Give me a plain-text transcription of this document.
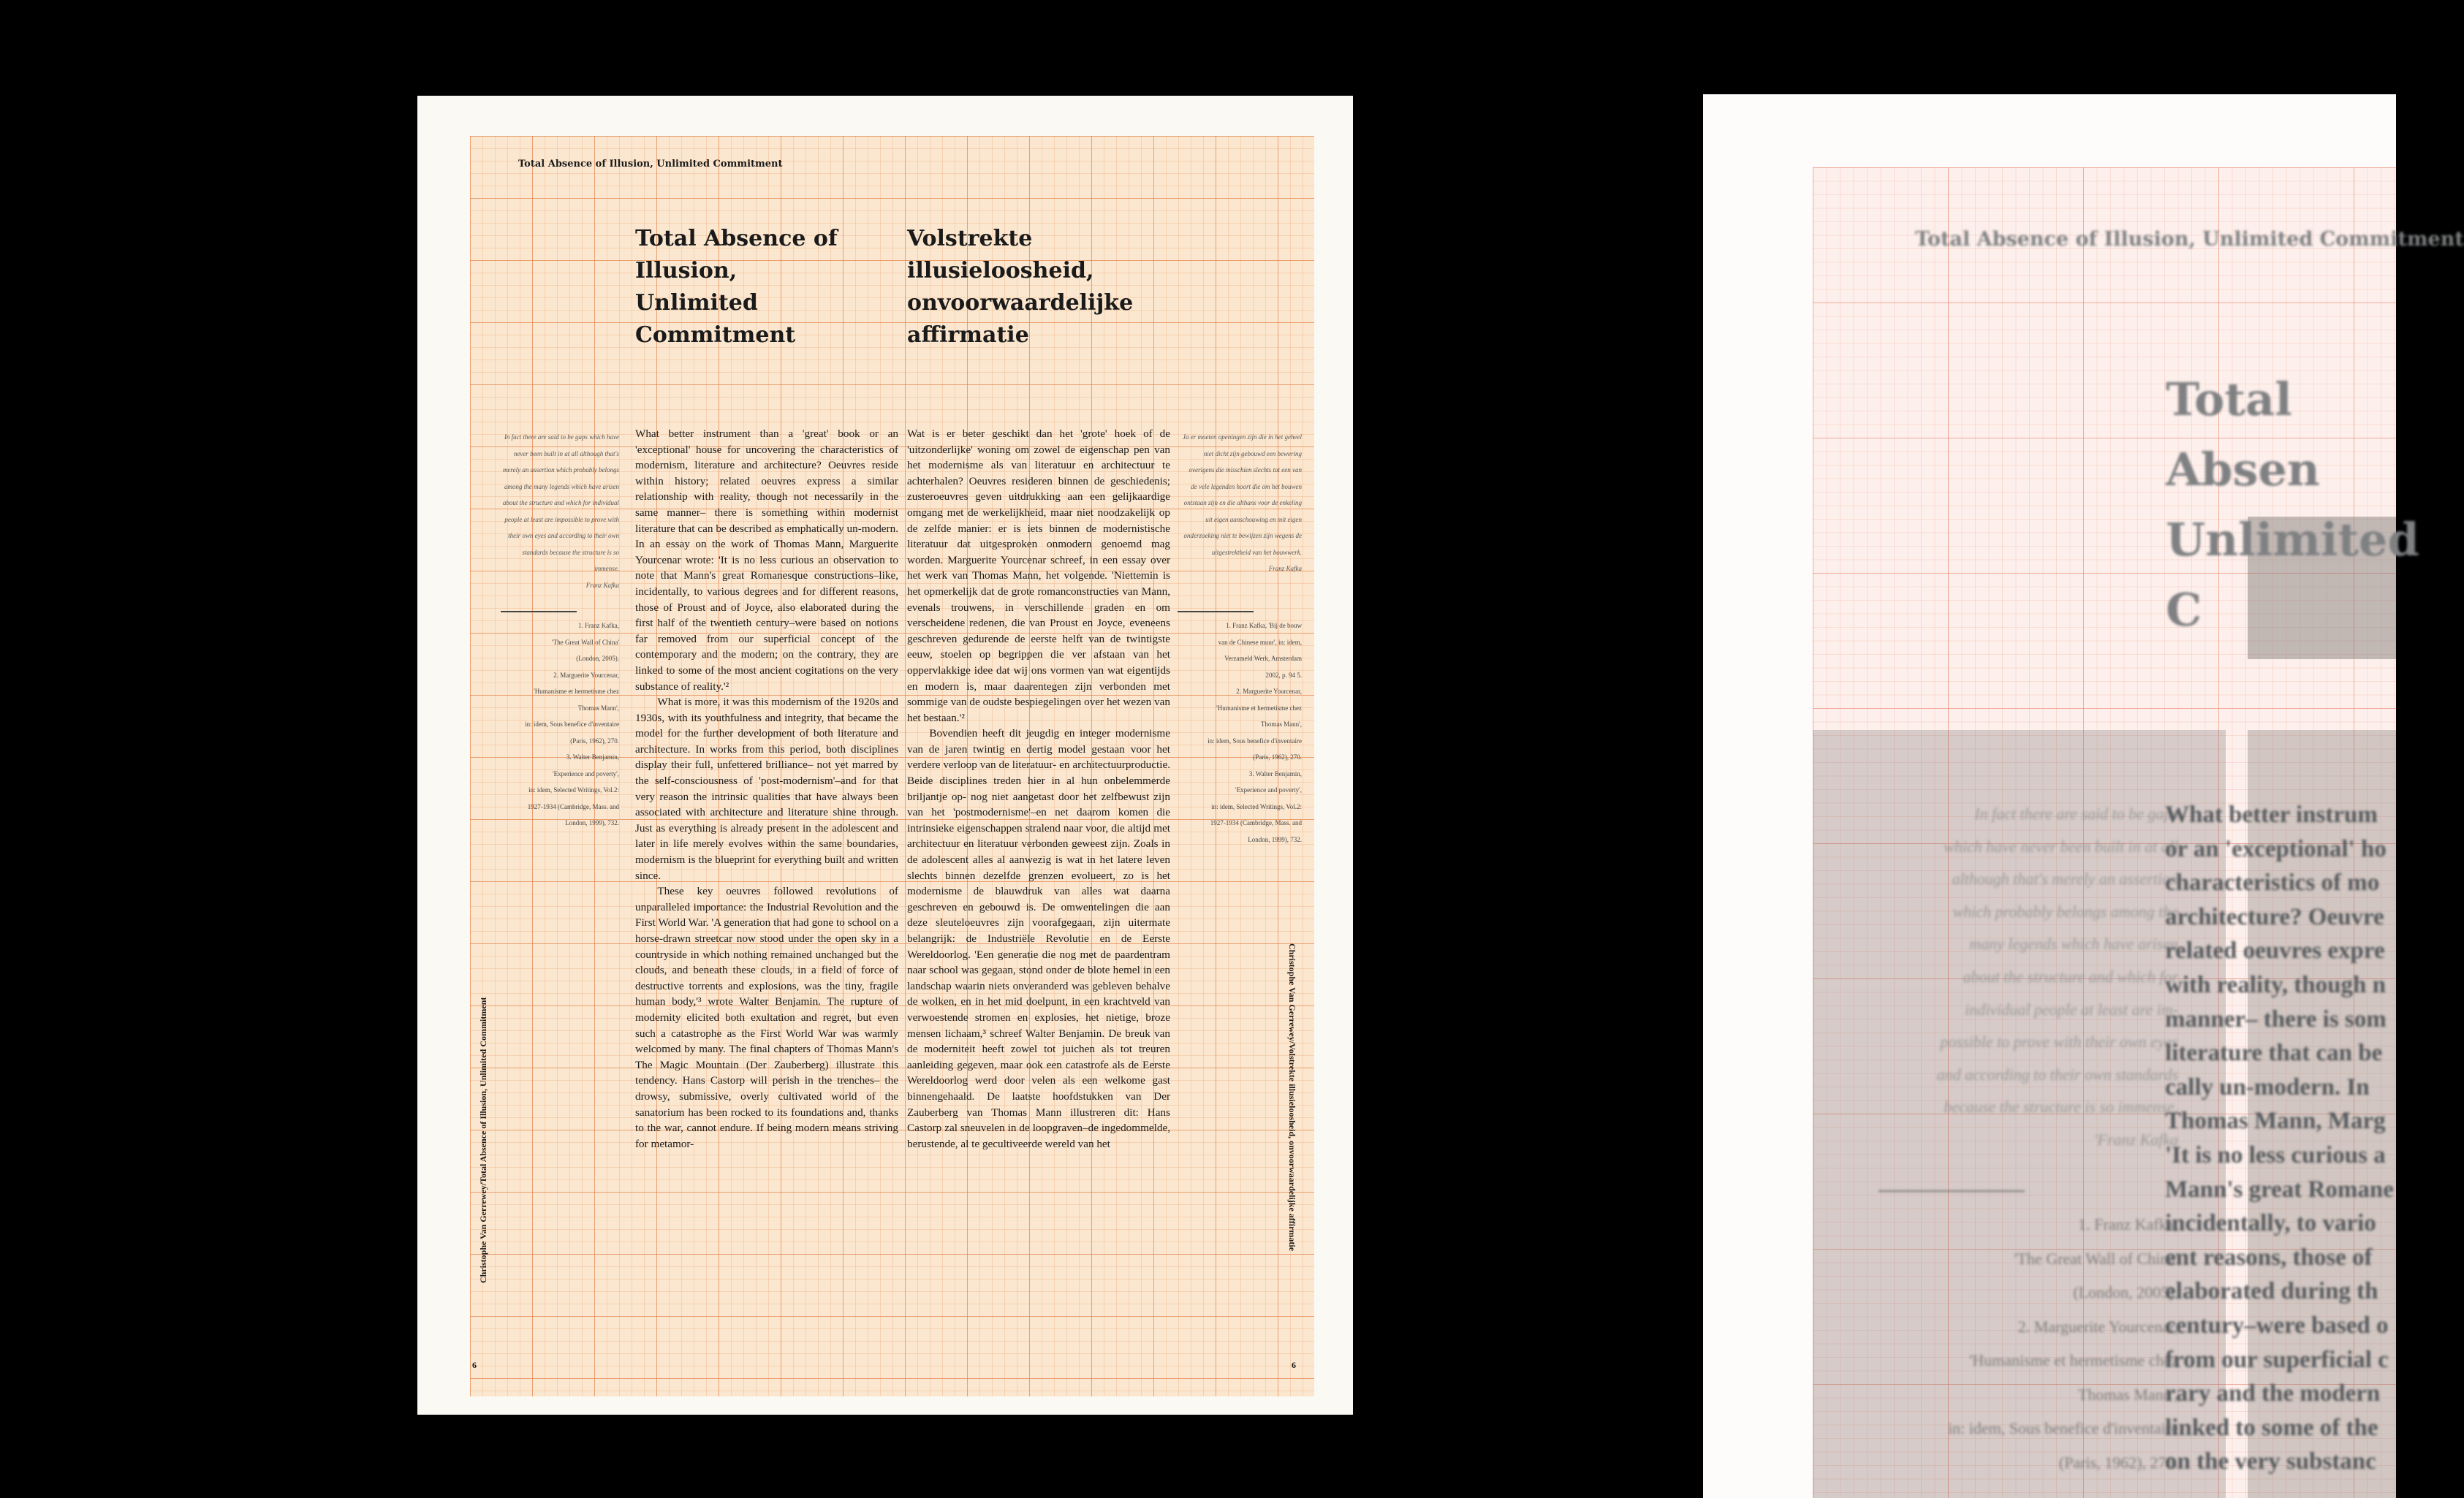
Total Absence of Illusion, Unlimited Commitment
Total Absence of Illusion,
Unlimited Commitment
Volstrekte illusieloosheid,
onvoorwaardelijke
affirmatie
In fact there are said to be gaps which have never been built in at all although that's merely an assertion which probably belongs among the many legends which have arisen about the structure and which for individual people at least are impossible to prove with their own eyes and according to their own standards because the structure is so immense.
Franz Kafka
1. Franz Kafka,
'The Great Wall of China'
(London, 2005).
2. Marguerite Yourcenar,
'Humanisme et hermetisme chez
Thomas Mann',
in: idem, Sous benefice d'inventaire
(Paris, 1962), 270.
3. Walter Benjamin,
'Experience and poverty',
in: idem, Selected Writings, Vol.2:
1927-1934 (Cambridge, Mass. and
London, 1999), 732.

What better instrument than a 'great' book or an 'exceptional' house for uncovering the characteristics of modernism, literature and architecture? Oeuvres reside within history; related oeuvres express a similar relationship with reality, though not necessarily in the same manner– there is something within modernist literature that can be described as emphatically un-modern. In an essay on the work of Thomas Mann, Marguerite Yourcenar wrote: 'It is no less curious an observation to note that Mann's great Romanesque constructions–like, incidentally, to various degrees and for different reasons, those of Proust and of Joyce, also elaborated during the first half of the twentieth century–were based on notions far removed from our superficial concept of the contemporary and the modern; on the contrary, they are linked to some of the most ancient cogitations on the very substance of reality.'²

What is more, it was this modernism of the 1920s and 1930s, with its youthfulness and integrity, that became the model for the further development of both literature and architecture. In works from this period, both disciplines display their full, unfettered brilliance– not yet marred by the self-consciousness of 'post-modernism'–and for that very reason the intrinsic qualities that have always been associated with architecture and literature shine through. Just as everything is already present in the adolescent and later in life merely evolves within the same boundaries, modernism is the blueprint for everything built and written since.

These key oeuvres followed revolutions of unparalleled importance: the Industrial Revolution and the First World War. 'A generation that had gone to school on a horse-drawn streetcar now stood under the open sky in a countryside in which nothing remained unchanged but the clouds, and beneath these clouds, in a field of force of destructive torrents and explosions, was the tiny, fragile human body,'³ wrote Walter Benjamin. The rupture of modernity elicited both exultation and regret, but even such a catastrophe as the First World War was warmly welcomed by many. The final chapters of Thomas Mann's The Magic Mountain (Der Zauberberg) illustrate this tendency. Hans Castorp will perish in the trenches– the drowsy, submissive, overly cultivated world of the sanatorium has been rocked to its foundations and, thanks to the war, cannot endure. If being modern means striving for metamor-

Wat is er beter geschikt dan het 'grote' hoek of de 'uitzonderlijke' woning om zowel de eigenschap pen van het modernisme als van literatuur en architectuur te achterhalen? Oeuvres resideren binnen de geschiedenis; zusteroeuvres geven uitdrukking aan een gelijkaardige omgang met de werkelijkheid, maar niet noodzakelijk op de zelfde manier: er is iets binnen de modernistische literatuur dat uitgesproken onmodern genoemd mag worden. Marguerite Yourcenar schreef, in een essay over het werk van Thomas Mann, het volgende. 'Niettemin is het opmerkelijk dat de grote romanconstructies van Mann, evenals trouwens, in verschillende graden en om verscheidene redenen, die van Proust en Joyce, eveneens geschreven gedurende de eerste helft van de twintigste eeuw, stoelen op begrippen die ver afstaan van het oppervlakkige idee dat wij ons vormen van wat eigentijds en modern is, maar daarentegen zijn verbonden met sommige van de oudste bespiegelingen over het wezen van het bestaan.'²

Bovendien heeft dit jeugdig en integer modernisme van de jaren twintig en dertig model gestaan voor het verdere verloop van de literatuur- en architectuurproductie. Beide disciplines treden hier in al hun onbelemmerde briljantje op- nog niet aangetast door het zelfbewust zijn van het 'postmodernisme'–en net daarom komen die intrinsieke eigenschappen stralend naar voor, die altijd met architectuur en literatuur verbonden geweest zijn. Zoals in de adolescent alles al aanwezig is wat in het latere leven slechts binnen dezelfde grenzen evolueert, zo is het modernisme de blauwdruk van alles wat daarna geschreven en gebouwd is. De omwentelingen die aan deze sleuteloeuvres zijn voorafgegaan, zijn uitermate belangrijk: de Industriële Revolutie en de Eerste Wereldoorlog. 'Een generatie die nog met de paardentram naar school was gegaan, stond onder de blote hemel in een landschap waarin niets onveranderd was gebleven behalve de wolken, en in het mid doelpunt, in een krachtveld van verwoestende stromen en explosies, het nietige, broze mensen lichaam,³ schreef Walter Benjamin. De breuk van de moderniteit heeft zowel tot juichen als tot treuren aanleiding gegeven, maar ook een catastrofe als de Eerste Wereldoorlog werd door velen als een welkome gast binnengehaald. De laatste hoofdstukken van Der Zauberberg van Thomas Mann illustreren dit: Hans Castorp zal sneuvelen in de loopgraven–de ingedommelde, berustende, al te gecultiveerde wereld van het

Ja er moeten openingen zijn die in het geheel niet dicht zijn gebouwd een bewering overigens die misschien slechts tot een van de vele legenden hoort die om het bouwen ontstaan zijn en die althans voor de enkeling uit eigen aanschouwing en mit eigen onderzoeking niet te bewijzen zijn wegens de uitgestrektheid van het bouwwerk.
Franz Kafka
1. Franz Kafka, 'Bij de bouw
van de Chinese muur', in: idem,
Verzameld Werk, Amsterdam
2002, p. 94 5.
2. Marguerite Yourcenar,
'Humanisme et hermetisme chez
Thomas Mann',
in: idem, Sous benefice d'inventaire
(Paris, 1962), 270.
3. Walter Benjamin,
'Experience and poverty',
in: idem, Selected Writings, Vol.2:
1927-1934 (Cambridge, Mass. and
London, 1999), 732.
Christophe Van Gerrewey/Total Absence of Illusion, Unlimited Commitment	Christophe Van Gerrewey/Volstrekte illusieloosheid, onvoorwaardelijke affirmatie
6	6
Total Absence of Illusion, Unlimited Commitment
Total Absen
Unlimited C
In fact there are said to be gaps
which have never been built in at all
although that's merely an assertion
which probably belongs among the
many legends which have arisen
about the structure and which for
individual people at least are im-
possible to prove with their own eyes
and according to their own standards
because the structure is so immense.
'Franz Kafka
1. Franz Kafka,
'The Great Wall of China'
(London, 2005).
2. Marguerite Yourcenar,
'Humanisme et hermetisme chez
Thomas Mann',
in: idem, Sous benefice d'inventaire
(Paris, 1962), 270.
What better instrum
or an 'exceptional' ho
characteristics of mo
architecture? Oeuvre
related oeuvres expre
with reality, though n
manner– there is som
literature that can be
cally un-modern. In
Thomas Mann, Marg
'It is no less curious a
Mann's great Romane
incidentally, to vario
ent reasons, those of
elaborated during th
century–were based o
from our superficial c
rary and the modern
linked to some of the
on the very substanc
